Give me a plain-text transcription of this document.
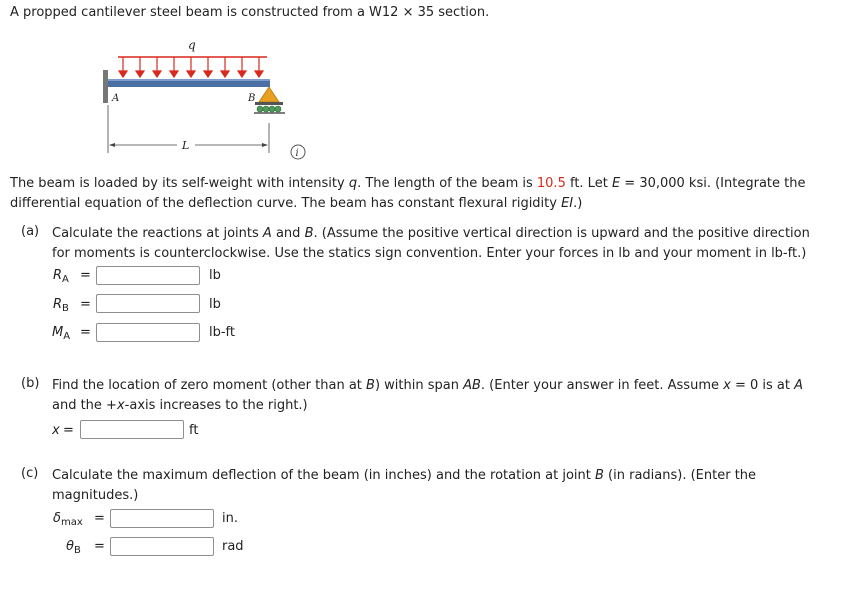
A propped cantilever steel beam is constructed from a W12 × 35 section.
q
A	B
L
i
The beam is loaded by its self-weight with intensity q. The length of the beam is 10.5 ft. Let E = 30,000 ksi. (Integrate the differential equation of the deflection curve. The beam has constant flexural rigidity EI.)
(a) Calculate the reactions at joints A and B. (Assume the positive vertical direction is upward and the positive direction for moments is counterclockwise. Use the statics sign convention. Enter your forces in lb and your moment in lb-ft.)
$R_A$ =	lb
$R_B$ =	lb
$M_A$ =	lb-ft
(b) Find the location of zero moment (other than at B) within span AB. (Enter your answer in feet. Assume x = 0 is at A and the +x-axis increases to the right.)
x =	ft
(c) Calculate the maximum deflection of the beam (in inches) and the rotation at joint B (in radians). (Enter the magnitudes.)
$\delta_{max}$ =	in.
$\theta_B$ =	rad
